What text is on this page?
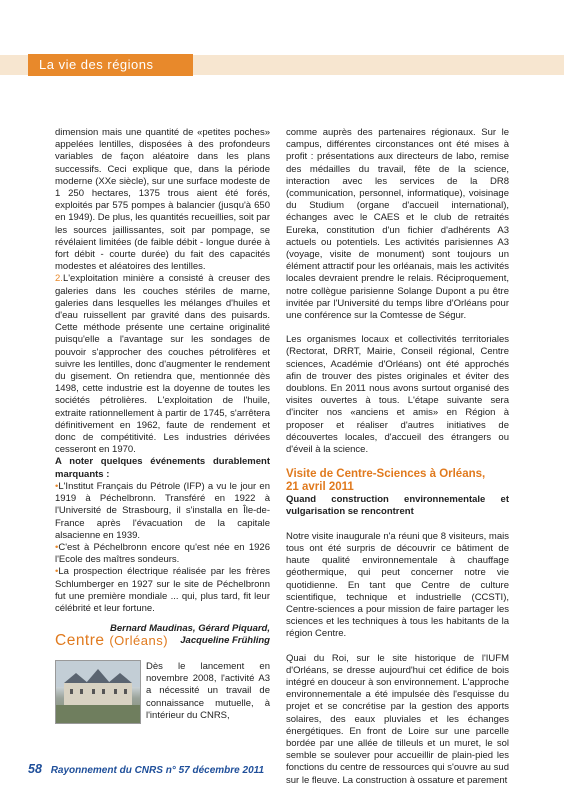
La vie des régions

dimension mais une quantité de «petites poches» appelées lentilles, disposées à des profondeurs variables de façon aléatoire dans les plans successifs. Ceci explique que, dans la période moderne (XXe siècle), sur une surface modeste de 1 250 hectares, 1375 trous aient été forés, exploités par 575 pompes à balancier (jusqu'à 650 en 1949). De plus, les quantités recueillies, soit par les sources jaillissantes, soit par pompage, se révélaient limitées (de faible débit - longue durée à fort débit - courte durée) du fait des capacités modestes et aléatoires des lentilles.

2.L'exploitation minière a consisté à creuser des galeries dans les couches stériles de marne, galeries dans lesquelles les mélanges d'huiles et d'eau ruissellent par gravité dans des puisards. Cette méthode présente une certaine originalité puisqu'elle a l'avantage sur les sondages de pouvoir s'approcher des couches pétrolifères et suivre les lentilles, donc d'augmenter le rendement du gisement. On retiendra que, mentionnée dès 1498, cette industrie est la doyenne de toutes les sociétés pétrolières. L'exploitation de l'huile, extraite rationnellement à partir de 1745, s'arrêtera définitivement en 1962, faute de rendement et donc de compétitivité. Les industries dérivées cesseront en 1970.

A noter quelques événements durablement marquants :

•L'Institut Français du Pétrole (IFP) a vu le jour en 1919 à Péchelbronn. Transféré en 1922 à l'Université de Strasbourg, il s'installa en Île-de-France après l'évacuation de la capitale alsacienne en 1939.

•C'est à Péchelbronn encore qu'est née en 1926 l'Ecole des maîtres sondeurs.

•La prospection électrique réalisée par les frères Schlumberger en 1927 sur le site de Péchelbronn fut une première mondiale ... qui, plus tard, fit leur célébrité et leur fortune.

Bernard Maudinas, Gérard Piquard,
Jacqueline Frühling
Centre (Orléans)
Dès le lancement en novembre 2008, l'activité A3 a nécessité un travail de connaissance mutuelle, à l'intérieur du CNRS,

comme auprès des partenaires régionaux. Sur le campus, différentes circonstances ont été mises à profit : présentations aux directeurs de labo, remise des médailles du travail, fête de la science, interaction avec les services de la DR8 (communication, personnel, informatique), voisinage du Studium (organe d'accueil international), échanges avec le CAES et le club de retraités Eureka, constitution d'un fichier d'adhérents A3 actuels ou potentiels. Les activités parisiennes A3 (voyage, visite de monument) sont toujours un élément attractif pour les orléanais, mais les activités locales devraient prendre le relais. Réciproquement, notre collègue parisienne Solange Dupont a pu être invitée par l'Université du temps libre d'Orléans pour une conférence sur la Comtesse de Ségur.

Les organismes locaux et collectivités territoriales (Rectorat, DRRT, Mairie, Conseil régional, Centre sciences, Académie d'Orléans) ont été approchés afin de trouver des pistes originales et éviter des doublons. En 2011 nous avons surtout organisé des visites ouvertes à tous. L'étape suivante sera d'inciter nos «anciens et amis» en Région à proposer et réaliser d'autres initiatives de découvertes locales, d'accueil des étrangers ou d'éveil à la science.

Visite de Centre-Sciences à Orléans,
21 avril 2011

Quand construction environnementale et vulgarisation se rencontrent

Notre visite inaugurale n'a réuni que 8 visiteurs, mais tous ont été surpris de découvrir ce bâtiment de haute qualité environnementale à chauffage géothermique, qui peut concerner notre vie quotidienne. En tant que Centre de culture scientifique, technique et industrielle (CCSTI), Centre-sciences a pour mission de faire partager les sciences et les techniques à tous les habitants de la région Centre.

Quai du Roi, sur le site historique de l'IUFM d'Orléans, se dresse aujourd'hui cet édifice de bois intégré en douceur à son environnement. L'approche environnementale a été impulsée dès l'esquisse du projet et se concrétise par la gestion des apports solaires, des eaux pluviales et les échanges énergétiques. En front de Loire sur une parcelle bordée par une allée de tilleuls et un muret, le sol semble se soulever pour accueillir de plain-pied les fonctions du centre de ressources qui s'ouvre au sud sur le fleuve. La construction à ossature et parement

58 Rayonnement du CNRS n° 57 décembre 2011
